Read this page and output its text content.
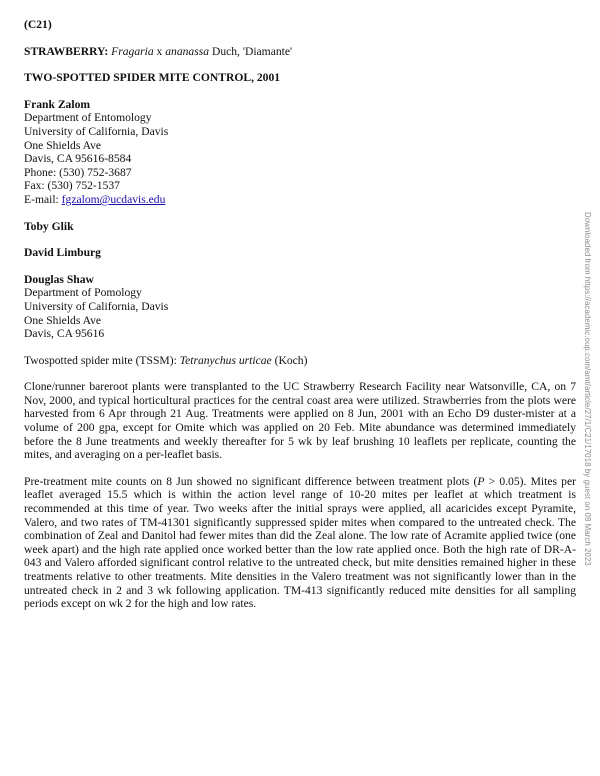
(C21)
STRAWBERRY: Fragaria x ananassa Duch, 'Diamante'
TWO-SPOTTED SPIDER MITE CONTROL, 2001
Frank Zalom
Department of Entomology
University of California, Davis
One Shields Ave
Davis, CA 95616-8584
Phone: (530) 752-3687
Fax: (530) 752-1537
E-mail: fgzalom@ucdavis.edu
Toby Glik
David Limburg
Douglas Shaw
Department of Pomology
University of California, Davis
One Shields Ave
Davis, CA 95616
Twospotted spider mite (TSSM): Tetranychus urticae (Koch)

Clone/runner bareroot plants were transplanted to the UC Strawberry Research Facility near Watsonville, CA, on 7 Nov, 2000, and typical horticultural practices for the central coast area were utilized. Strawberries from the plots were harvested from 6 Apr through 21 Aug. Treatments were applied on 8 Jun, 2001 with an Echo D9 duster-mister at a volume of 200 gpa, except for Omite which was applied on 20 Feb. Mite abundance was determined immediately before the 8 June treatments and weekly thereafter for 5 wk by leaf brushing 10 leaflets per replicate, counting the mites, and averaging on a per-leaflet basis.

Pre-treatment mite counts on 8 Jun showed no significant difference between treatment plots (P > 0.05). Mites per leaflet averaged 15.5 which is within the action level range of 10-20 mites per leaflet at which treatment is recommended at this time of year. Two weeks after the initial sprays were applied, all acaricides except Pyramite, Valero, and two rates of TM-41301 significantly suppressed spider mites when compared to the untreated check. The combination of Zeal and Danitol had fewer mites than did the Zeal alone. The low rate of Acramite applied twice (one week apart) and the high rate applied once worked better than the low rate applied once. Both the high rate of DR-A-043 and Valero afforded significant control relative to the untreated check, but mite densities remained higher in these treatments relative to other treatments. Mite densities in the Valero treatment was not significantly lower than in the untreated check in 2 and 3 wk following application. TM-413 significantly reduced mite densities for all sampling periods except on wk 2 for the high and low rates.

Downloaded from https://academic.oup.com/amt/article/27/1/C21/17018 by guest on 08 March 2023
